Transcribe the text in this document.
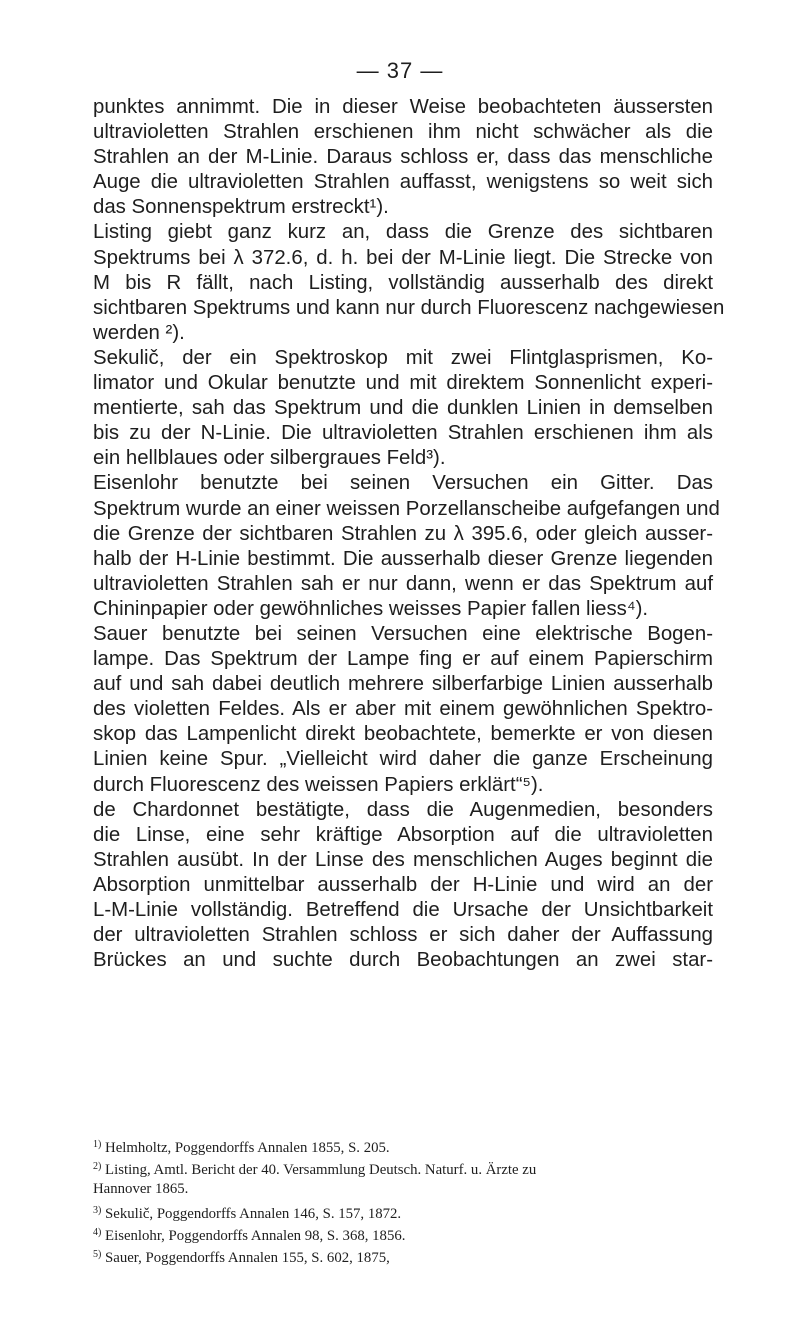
— 37 —
punktes annimmt. Die in dieser Weise beobachteten äussersten
ultravioletten Strahlen erschienen ihm nicht schwächer als die
Strahlen an der M-Linie. Daraus schloss er, dass das menschliche
Auge die ultravioletten Strahlen auffasst, wenigstens so weit sich
das Sonnenspektrum erstreckt¹).
Listing giebt ganz kurz an, dass die Grenze des sichtbaren
Spektrums bei λ 372.6, d. h. bei der M-Linie liegt. Die Strecke von
M bis R fällt, nach Listing, vollständig ausserhalb des direkt
sichtbaren Spektrums und kann nur durch Fluorescenz nachgewiesen
werden ²).
Sekulič, der ein Spektroskop mit zwei Flintglasprismen, Ko-
limator und Okular benutzte und mit direktem Sonnenlicht experi-
mentierte, sah das Spektrum und die dunklen Linien in demselben
bis zu der N-Linie. Die ultravioletten Strahlen erschienen ihm als
ein hellblaues oder silbergraues Feld³).
Eisenlohr benutzte bei seinen Versuchen ein Gitter. Das
Spektrum wurde an einer weissen Porzellanscheibe aufgefangen und
die Grenze der sichtbaren Strahlen zu λ 395.6, oder gleich ausser-
halb der H-Linie bestimmt. Die ausserhalb dieser Grenze liegenden
ultravioletten Strahlen sah er nur dann, wenn er das Spektrum auf
Chininpapier oder gewöhnliches weisses Papier fallen liess⁴).
Sauer benutzte bei seinen Versuchen eine elektrische Bogen-
lampe. Das Spektrum der Lampe fing er auf einem Papierschirm
auf und sah dabei deutlich mehrere silberfarbige Linien ausserhalb
des violetten Feldes. Als er aber mit einem gewöhnlichen Spektro-
skop das Lampenlicht direkt beobachtete, bemerkte er von diesen
Linien keine Spur. „Vielleicht wird daher die ganze Erscheinung
durch Fluorescenz des weissen Papiers erklärt“⁵).
de Chardonnet bestätigte, dass die Augenmedien, besonders
die Linse, eine sehr kräftige Absorption auf die ultravioletten
Strahlen ausübt. In der Linse des menschlichen Auges beginnt die
Absorption unmittelbar ausserhalb der H-Linie und wird an der
L-M-Linie vollständig. Betreffend die Ursache der Unsichtbarkeit
der ultravioletten Strahlen schloss er sich daher der Auffassung
Brückes an und suchte durch Beobachtungen an zwei star-
$^{1)}$ Helmholtz, Poggendorffs Annalen 1855, S. 205.
$^{2)}$ Listing, Amtl. Bericht der 40. Versammlung Deutsch. Naturf. u. Ärzte zu
Hannover 1865.
$^{3)}$ Sekulič, Poggendorffs Annalen 146, S. 157, 1872.
$^{4)}$ Eisenlohr, Poggendorffs Annalen 98, S. 368, 1856.
$^{5)}$ Sauer, Poggendorffs Annalen 155, S. 602, 1875,
